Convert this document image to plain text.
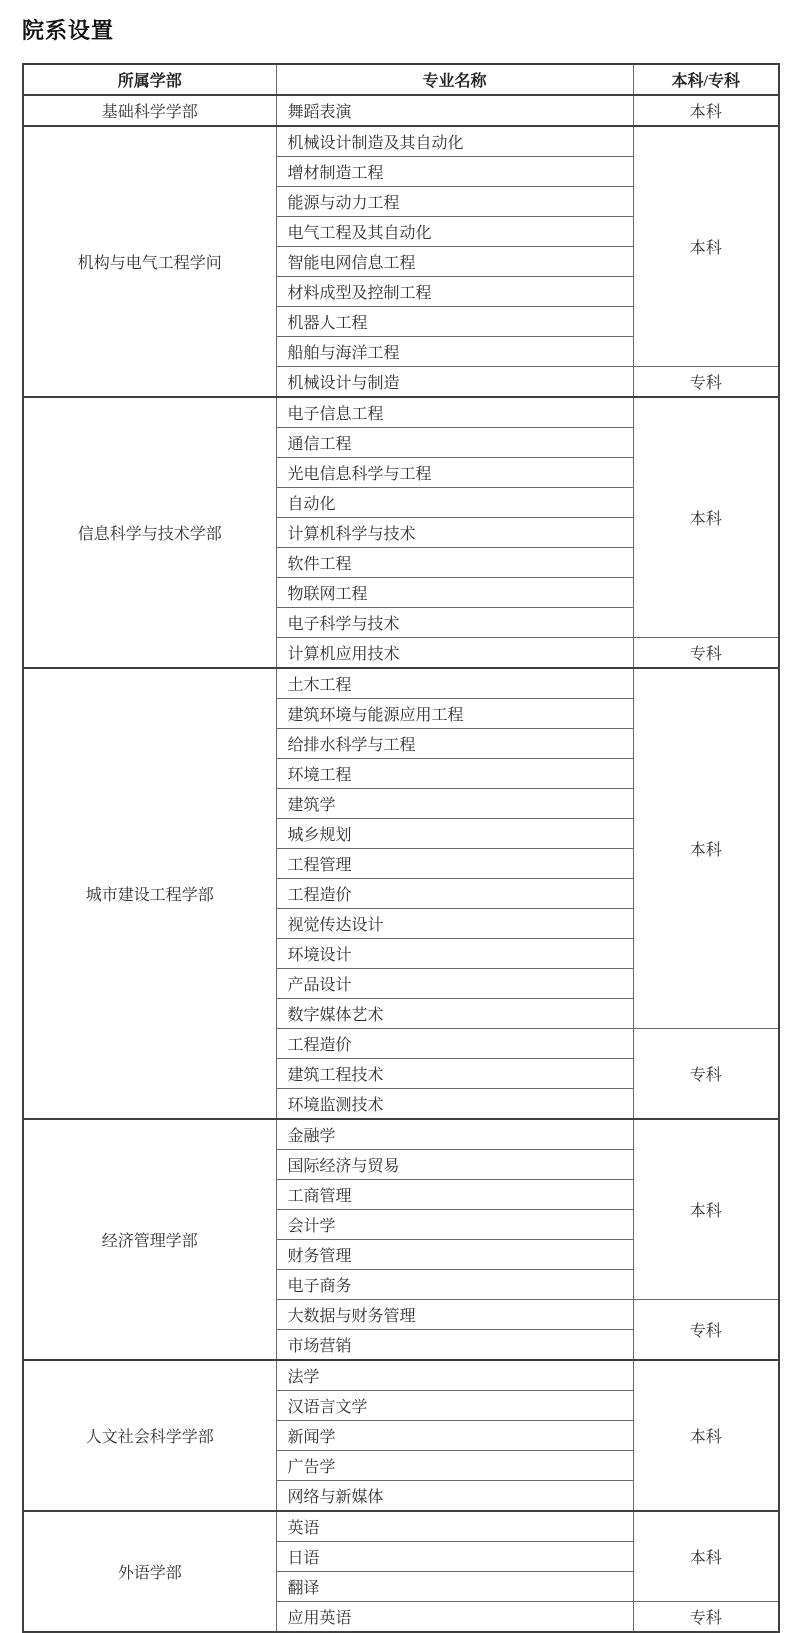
院系设置
所属学部	专业名称	本科/专科
基础科学学部	舞蹈表演	本科
机构与电气工程学问	机械设计制造及其自动化	本科
	增材制造工程	
	能源与动力工程	
	电气工程及其自动化	
	智能电网信息工程	
	材料成型及控制工程	
	机器人工程	
	船舶与海洋工程	
	机械设计与制造	专科
信息科学与技术学部	电子信息工程	本科
	通信工程	
	光电信息科学与工程	
	自动化	
	计算机科学与技术	
	软件工程	
	物联网工程	
	电子科学与技术	
	计算机应用技术	专科
城市建设工程学部	土木工程	本科
	建筑环境与能源应用工程	
	给排水科学与工程	
	环境工程	
	建筑学	
	城乡规划	
	工程管理	
	工程造价	
	视觉传达设计	
	环境设计	
	产品设计	
	数字媒体艺术	
	工程造价	专科
	建筑工程技术	
	环境监测技术	
经济管理学部	金融学	本科
	国际经济与贸易	
	工商管理	
	会计学	
	财务管理	
	电子商务	
	大数据与财务管理	专科
	市场营销	
人文社会科学学部	法学	本科
	汉语言文学	
	新闻学	
	广告学	
	网络与新媒体	
外语学部	英语	本科
	日语	
	翻译	
	应用英语	专科
